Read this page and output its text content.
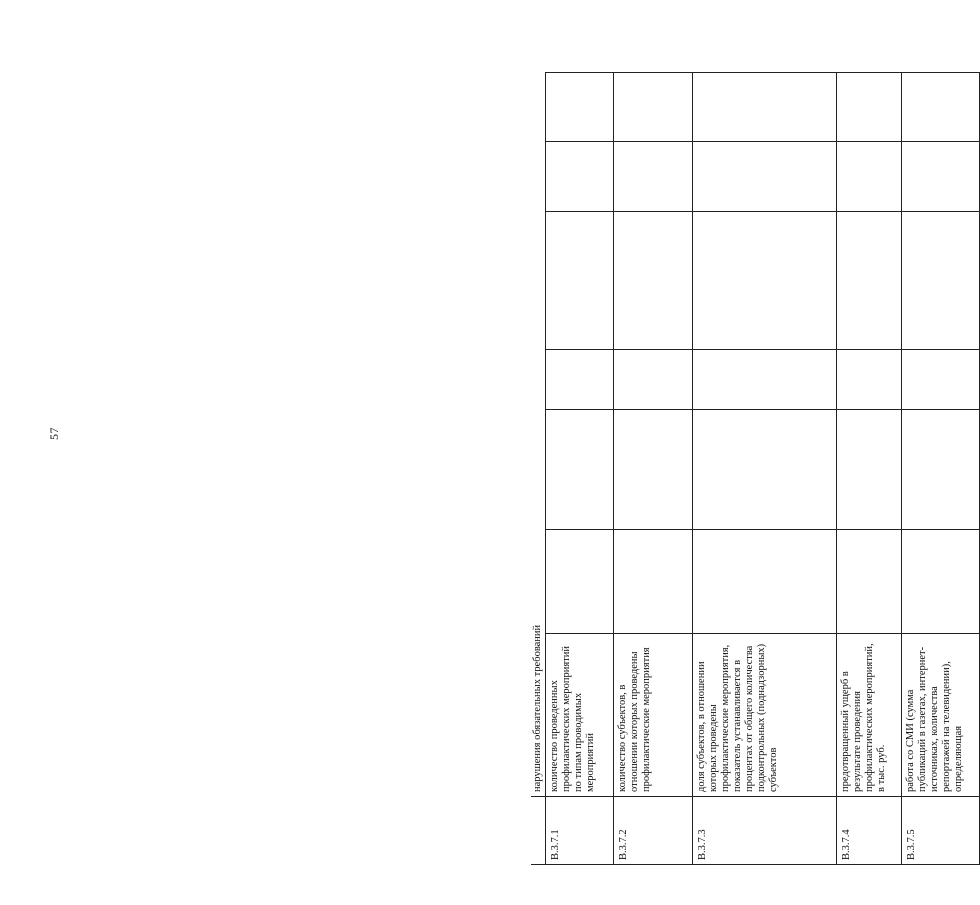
57
	нарушения обязательных требований						
В.3.7.1	количество проведенных профилактических мероприятий по типам проводимых мероприятий						
В.3.7.2	количество субъектов, в отношении которых проведены профилактические мероприятия						
В.3.7.3	доля субъектов, в отношении которых проведены профилактические мероприятия, показатель устанавливается в процентах от общего количества подконтрольных (поднадзорных) субъектов						
В.3.7.4	предотвращенный ущерб в результате проведения профилактических мероприятий, в тыс. руб.						
В.3.7.5	работа со СМИ (сумма публикаций в газетах, интернет-источниках, количества репортажей на телевидении), определяющая						
